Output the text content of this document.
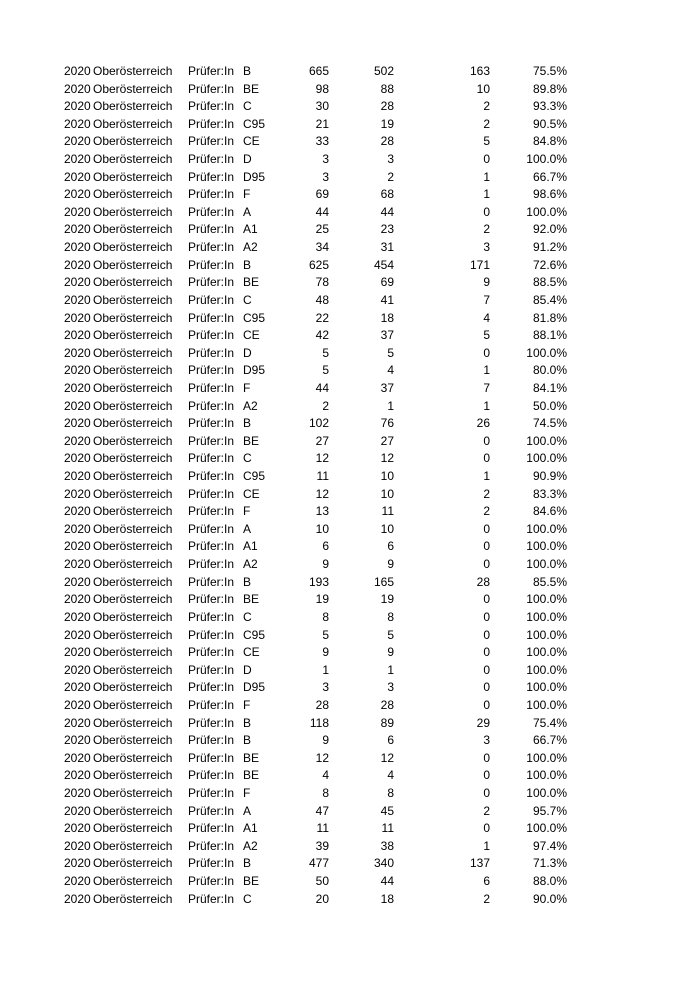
2020 Oberösterreich Prüfer:In B	665	502	163	75.5%
2020 Oberösterreich Prüfer:In BE	98	88	10	89.8%
2020 Oberösterreich Prüfer:In C	30	28	2	93.3%
2020 Oberösterreich Prüfer:In C95	21	19	2	90.5%
2020 Oberösterreich Prüfer:In CE	33	28	5	84.8%
2020 Oberösterreich Prüfer:In D	3	3	0	100.0%
2020 Oberösterreich Prüfer:In D95	3	2	1	66.7%
2020 Oberösterreich Prüfer:In F	69	68	1	98.6%
2020 Oberösterreich Prüfer:In A	44	44	0	100.0%
2020 Oberösterreich Prüfer:In A1	25	23	2	92.0%
2020 Oberösterreich Prüfer:In A2	34	31	3	91.2%
2020 Oberösterreich Prüfer:In B	625	454	171	72.6%
2020 Oberösterreich Prüfer:In BE	78	69	9	88.5%
2020 Oberösterreich Prüfer:In C	48	41	7	85.4%
2020 Oberösterreich Prüfer:In C95	22	18	4	81.8%
2020 Oberösterreich Prüfer:In CE	42	37	5	88.1%
2020 Oberösterreich Prüfer:In D	5	5	0	100.0%
2020 Oberösterreich Prüfer:In D95	5	4	1	80.0%
2020 Oberösterreich Prüfer:In F	44	37	7	84.1%
2020 Oberösterreich Prüfer:In A2	2	1	1	50.0%
2020 Oberösterreich Prüfer:In B	102	76	26	74.5%
2020 Oberösterreich Prüfer:In BE	27	27	0	100.0%
2020 Oberösterreich Prüfer:In C	12	12	0	100.0%
2020 Oberösterreich Prüfer:In C95	11	10	1	90.9%
2020 Oberösterreich Prüfer:In CE	12	10	2	83.3%
2020 Oberösterreich Prüfer:In F	13	11	2	84.6%
2020 Oberösterreich Prüfer:In A	10	10	0	100.0%
2020 Oberösterreich Prüfer:In A1	6	6	0	100.0%
2020 Oberösterreich Prüfer:In A2	9	9	0	100.0%
2020 Oberösterreich Prüfer:In B	193	165	28	85.5%
2020 Oberösterreich Prüfer:In BE	19	19	0	100.0%
2020 Oberösterreich Prüfer:In C	8	8	0	100.0%
2020 Oberösterreich Prüfer:In C95	5	5	0	100.0%
2020 Oberösterreich Prüfer:In CE	9	9	0	100.0%
2020 Oberösterreich Prüfer:In D	1	1	0	100.0%
2020 Oberösterreich Prüfer:In D95	3	3	0	100.0%
2020 Oberösterreich Prüfer:In F	28	28	0	100.0%
2020 Oberösterreich Prüfer:In B	118	89	29	75.4%
2020 Oberösterreich Prüfer:In B	9	6	3	66.7%
2020 Oberösterreich Prüfer:In BE	12	12	0	100.0%
2020 Oberösterreich Prüfer:In BE	4	4	0	100.0%
2020 Oberösterreich Prüfer:In F	8	8	0	100.0%
2020 Oberösterreich Prüfer:In A	47	45	2	95.7%
2020 Oberösterreich Prüfer:In A1	11	11	0	100.0%
2020 Oberösterreich Prüfer:In A2	39	38	1	97.4%
2020 Oberösterreich Prüfer:In B	477	340	137	71.3%
2020 Oberösterreich Prüfer:In BE	50	44	6	88.0%
2020 Oberösterreich Prüfer:In C	20	18	2	90.0%
